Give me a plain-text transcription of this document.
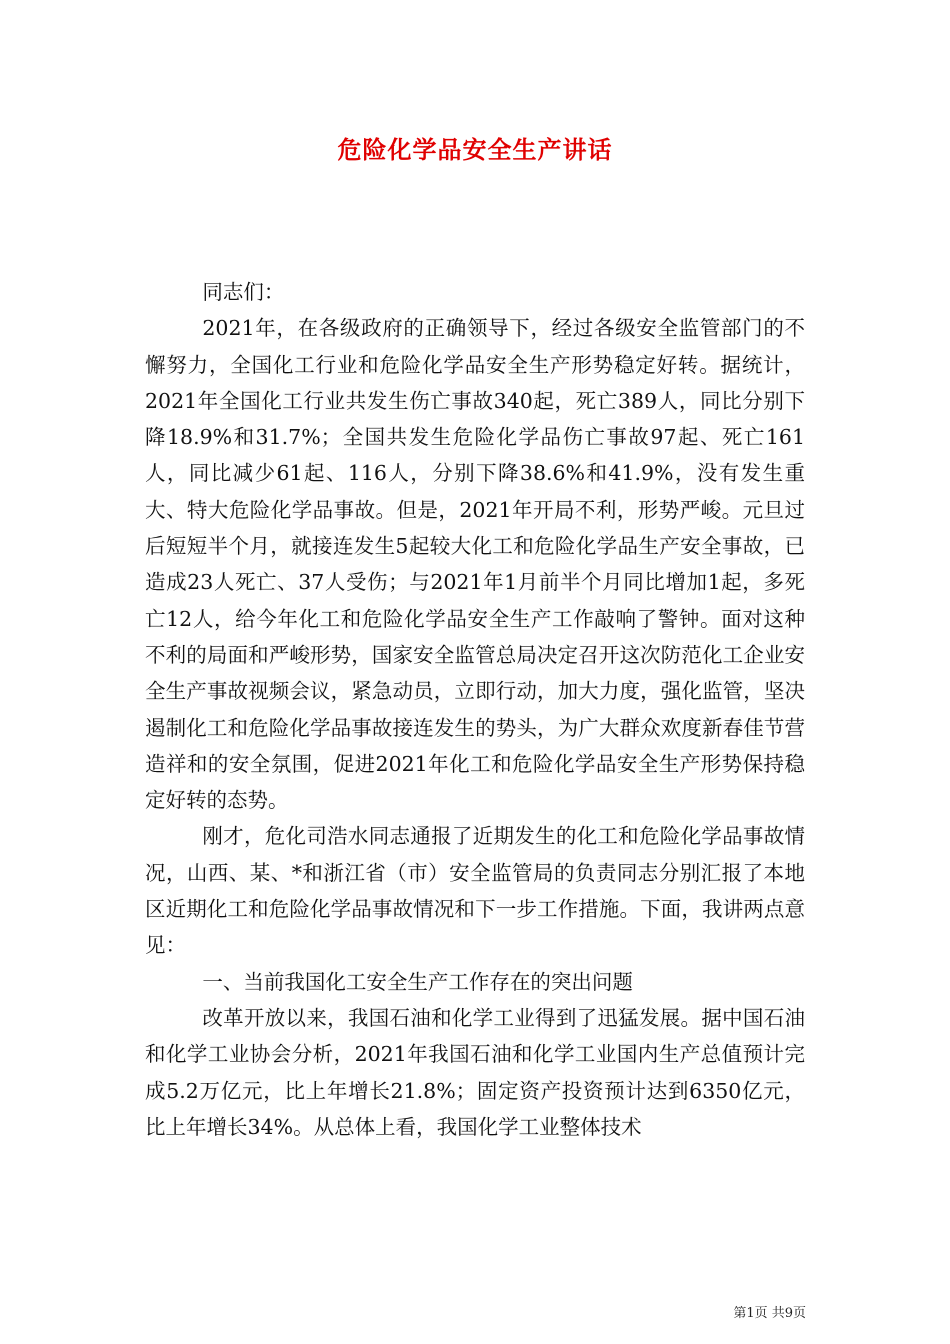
危险化学品安全生产讲话

同志们：

2021年，在各级政府的正确领导下，经过各级安全监管部门的不懈努力，全国化工行业和危险化学品安全生产形势稳定好转。据统计，2021年全国化工行业共发生伤亡事故340起，死亡389人，同比分别下降18.9%和31.7%；全国共发生危险化学品伤亡事故97起、死亡161人，同比减少61起、116人，分别下降38.6%和41.9%，没有发生重大、特大危险化学品事故。但是，2021年开局不利，形势严峻。元旦过后短短半个月，就接连发生5起较大化工和危险化学品生产安全事故，已造成23人死亡、37人受伤；与2021年1月前半个月同比增加1起，多死亡12人，给今年化工和危险化学品安全生产工作敲响了警钟。面对这种不利的局面和严峻形势，国家安全监管总局决定召开这次防范化工企业安全生产事故视频会议，紧急动员，立即行动，加大力度，强化监管，坚决遏制化工和危险化学品事故接连发生的势头，为广大群众欢度新春佳节营造祥和的安全氛围，促进2021年化工和危险化学品安全生产形势保持稳定好转的态势。

刚才，危化司浩水同志通报了近期发生的化工和危险化学品事故情况，山西、某、*和浙江省（市）安全监管局的负责同志分别汇报了本地区近期化工和危险化学品事故情况和下一步工作措施。下面，我讲两点意见：

一、当前我国化工安全生产工作存在的突出问题

改革开放以来，我国石油和化学工业得到了迅猛发展。据中国石油和化学工业协会分析，2021年我国石油和化学工业国内生产总值预计完成5.2万亿元，比上年增长21.8%；固定资产投资预计达到6350亿元，比上年增长34%。从总体上看，我国化学工业整体技术

第1页 共9页
